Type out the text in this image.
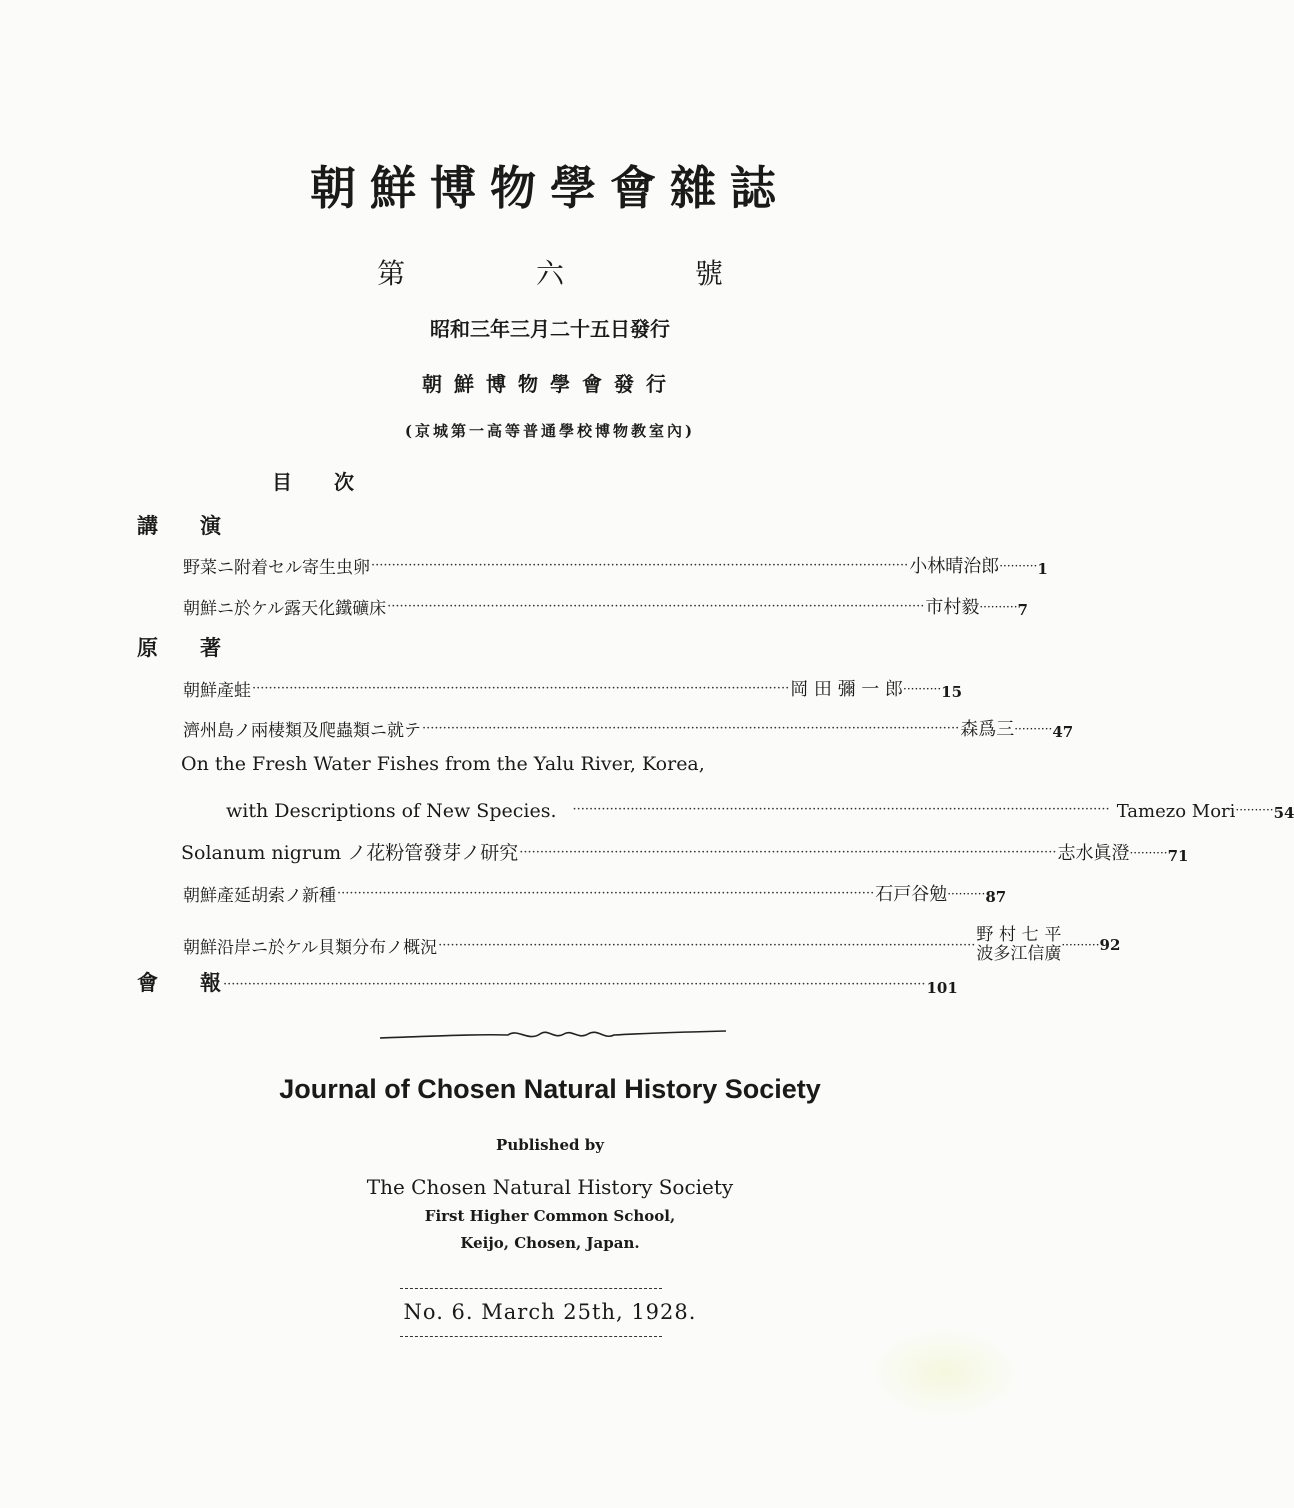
朝鮮博物學會雜誌
第	六	號
昭和三年三月二十五日發行
朝鮮博物學會發行
(京城第一高等普通學校博物教室內)
目次
講演
野菜ニ附着セル寄生虫卵 ·································································································································· 小 林 晴 治 郎 ·········· 1
朝鮮ニ於ケル露天化鐵礦床 ·································································································································· 市 村 毅 ·········· 7
原著
朝鮮產蛙 ·································································································································· 岡 田 彌 一 郎 ·········· 15
濟州島ノ兩棲類及爬蟲類ニ就テ ·································································································································· 森 爲 三 ·········· 47
On the Fresh Water Fishes from the Yalu River, Korea,
with Descriptions of New Species. ·································································································································· Tamezo Mori ·········· 54
Solanum nigrum ノ花粉管發芽ノ研究 ·································································································································· 志 水 眞 澄 ·········· 71
朝鮮產延胡索ノ新種 ·································································································································· 石 戸 谷 勉 ·········· 87
朝鮮沿岸ニ於ケル貝類分布ノ概況 ·································································································································· 野 村 七 平
波 多 江 信 廣 ·········· 92
會報
·········································································································································································· 101
Journal of Chosen Natural History Society
Published by
The Chosen Natural History Society
First Higher Common School,
Keijo, Chosen, Japan.
No. 6. March 25th, 1928.
